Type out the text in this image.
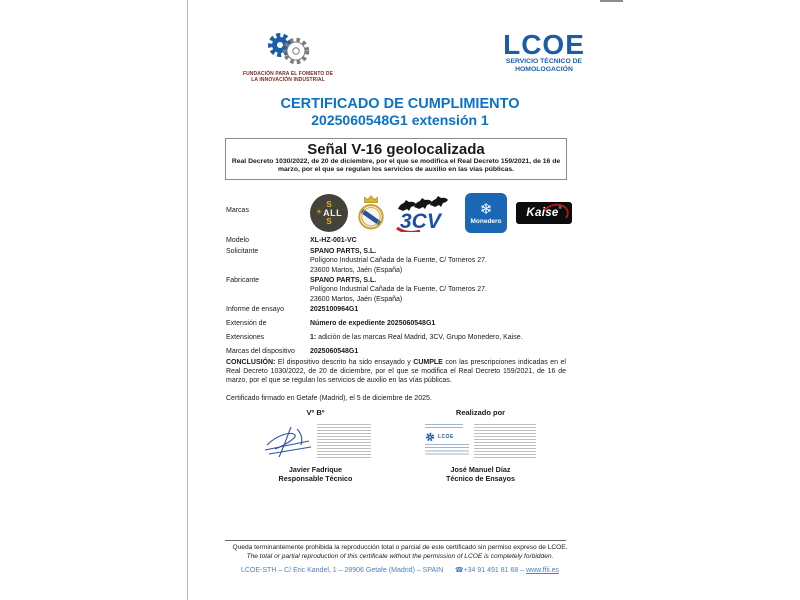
FUNDACIÓN PARA EL FOMENTO DE
LA INNOVACIÓN INDUSTRIAL
LCOE
SERVICIO TÉCNICO DE
HOMOLOGACIÓN
CERTIFICADO DE CUMPLIMIENTO
2025060548G1 extensión 1
Señal V-16 geolocalizada
Real Decreto 1030/2022, de 20 de diciembre, por el que se modifica el Real Decreto 159/2021, de 16 de marzo, por el que se regulan los servicios de auxilio en las vías públicas.
Marcas
S
☀ ALL
S	3CV
❄
Monedero
Kaise ®
Modelo	XL-HZ-001-VC
Solicitante	SPANO PARTS, S.L.
Polígono Industrial Cañada de la Fuente, C/ Torneros 27.
23600 Martos, Jaén (España)
Fabricante	SPANO PARTS, S.L.
Polígono Industrial Cañada de la Fuente, C/ Torneros 27.
23600 Martos, Jaén (España)
Informe de ensayo	2025100964G1
Extensión de	Número de expediente 2025060548G1
Extensiones	1: adición de las marcas Real Madrid, 3CV, Grupo Monedero, Kaise.
Marcas del dispositivo 2025060548G1
CONCLUSIÓN: El dispositivo descrito ha sido ensayado y CUMPLE con las prescripciones indicadas en el Real Decreto 1030/2022, de 20 de diciembre, por el que se modifica el Real Decreto 159/2021, de 16 de marzo, por el que se regulan los servicios de auxilio en las vías públicas.
Certificado firmado en Getafe (Madrid), el 5 de diciembre de 2025.
Vº Bº
Javier Fadrique
Responsable Técnico
Realizado por
LCOE
José Manuel Díaz
Técnico de Ensayos
Queda terminantemente prohibida la reproducción total o parcial de este certificado sin permiso expreso de LCOE.
The total or partial reproduction of this certificate without the permission of LCOE is completely forbidden.
LCOE-STH – C/ Eric Kandel, 1 – 28906 Getafe (Madrid) – SPAIN ☎+34 91 491 81 68 – www.ffii.es
